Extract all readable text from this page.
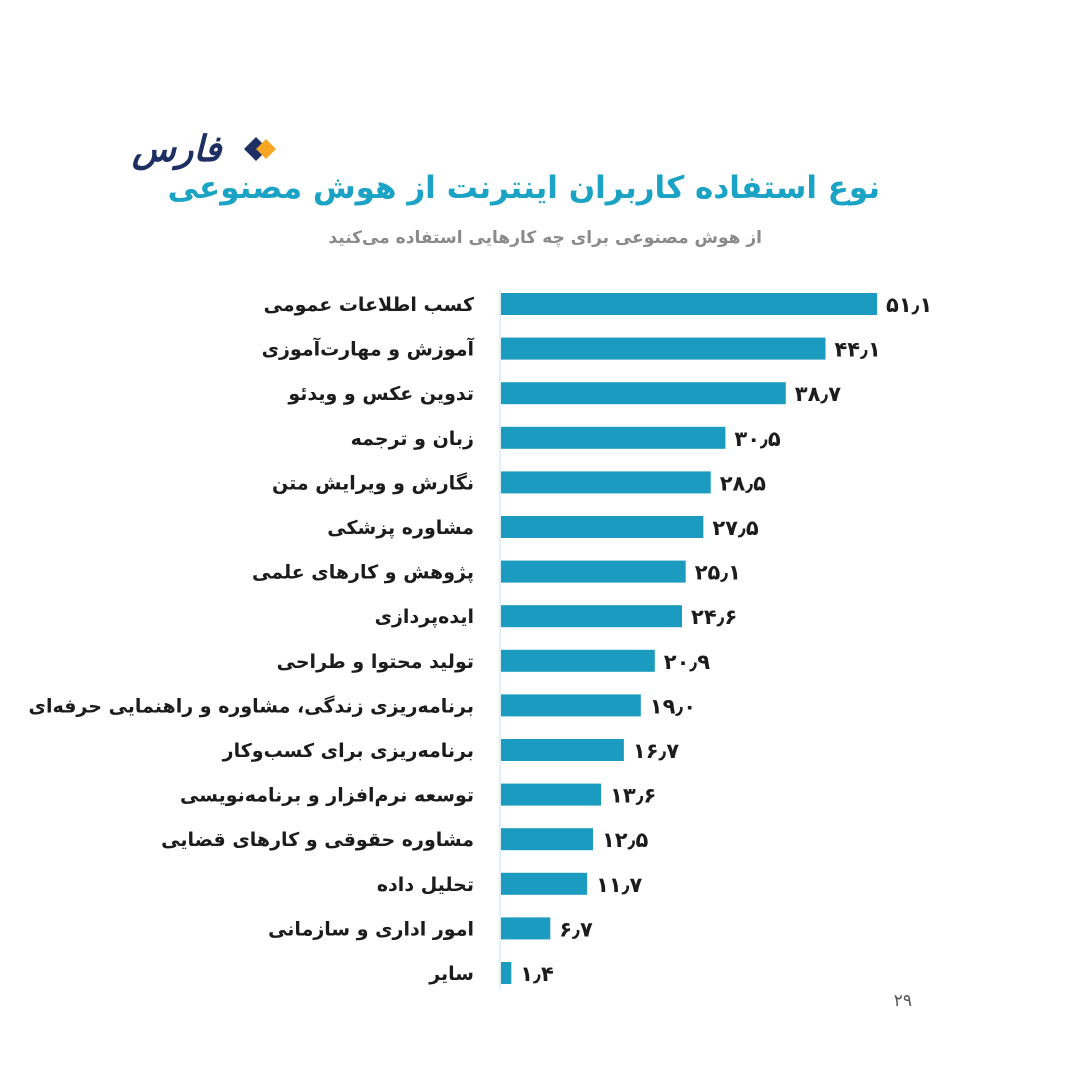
فارس
نوع استفاده کاربران اینترنت از هوش مصنوعی
از هوش مصنوعی برای چه کارهایی استفاده می‌کنید
۵۱٫۱
کسب اطلاعات عمومی
۴۴٫۱
آموزش و مهارت‌آموزی
۳۸٫۷
تدوین عکس و ویدئو
۳۰٫۵
زبان و ترجمه
۲۸٫۵
نگارش و ویرایش متن
۲۷٫۵
مشاوره پزشکی
۲۵٫۱
پژوهش و کارهای علمی
۲۴٫۶
ایده‌پردازی
۲۰٫۹
تولید محتوا و طراحی
۱۹٫۰
برنامه‌ریزی زندگی، مشاوره و راهنمایی حرفه‌ای
۱۶٫۷
برنامه‌ریزی برای کسب‌وکار
۱۳٫۶
توسعه نرم‌افزار و برنامه‌نویسی
۱۲٫۵
مشاوره حقوقی و کارهای قضایی
۱۱٫۷
تحلیل داده
۶٫۷
امور اداری و سازمانی
۱٫۴
سایر
۲۹
